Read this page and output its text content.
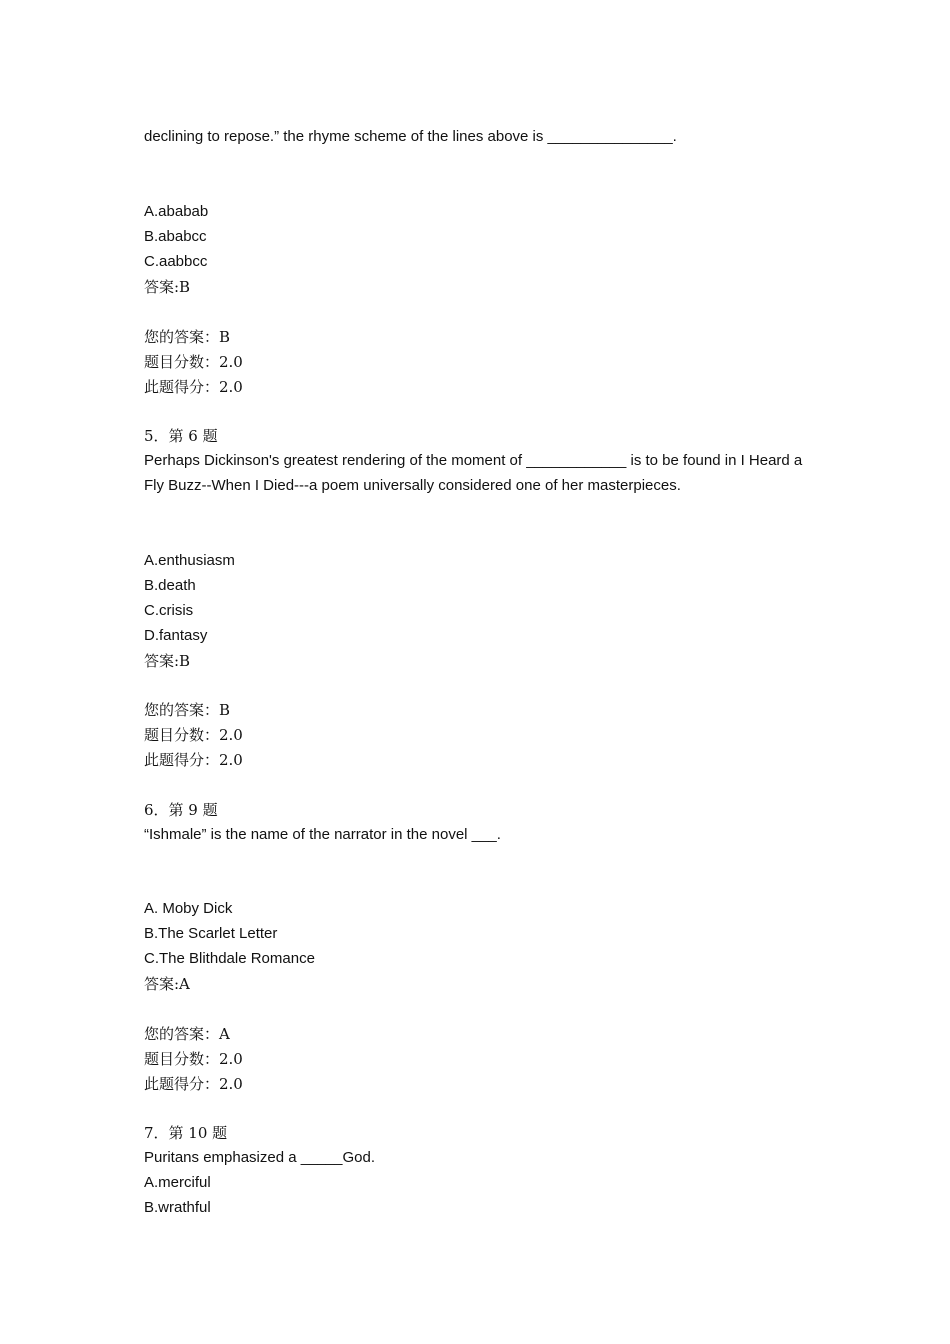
declining to repose.” the rhyme scheme of the lines above is _______________.
A.ababab
B.ababcc
C.aabbcc
答案:B
您的答案：B
题目分数：2.0
此题得分：2.0
5．第 6 题
Perhaps Dickinson's greatest rendering of the moment of ____________ is to be found in I Heard a
Fly Buzz--When I Died---a poem universally considered one of her masterpieces.
A.enthusiasm
B.death
C.crisis
D.fantasy
答案:B
您的答案：B
题目分数：2.0
此题得分：2.0
6．第 9 题
“Ishmale” is the name of the narrator in the novel ___.
A. Moby Dick
B.The Scarlet Letter
C.The Blithdale Romance
答案:A
您的答案：A
题目分数：2.0
此题得分：2.0
7．第 10 题
Puritans emphasized a _____God.
A.merciful
B.wrathful
